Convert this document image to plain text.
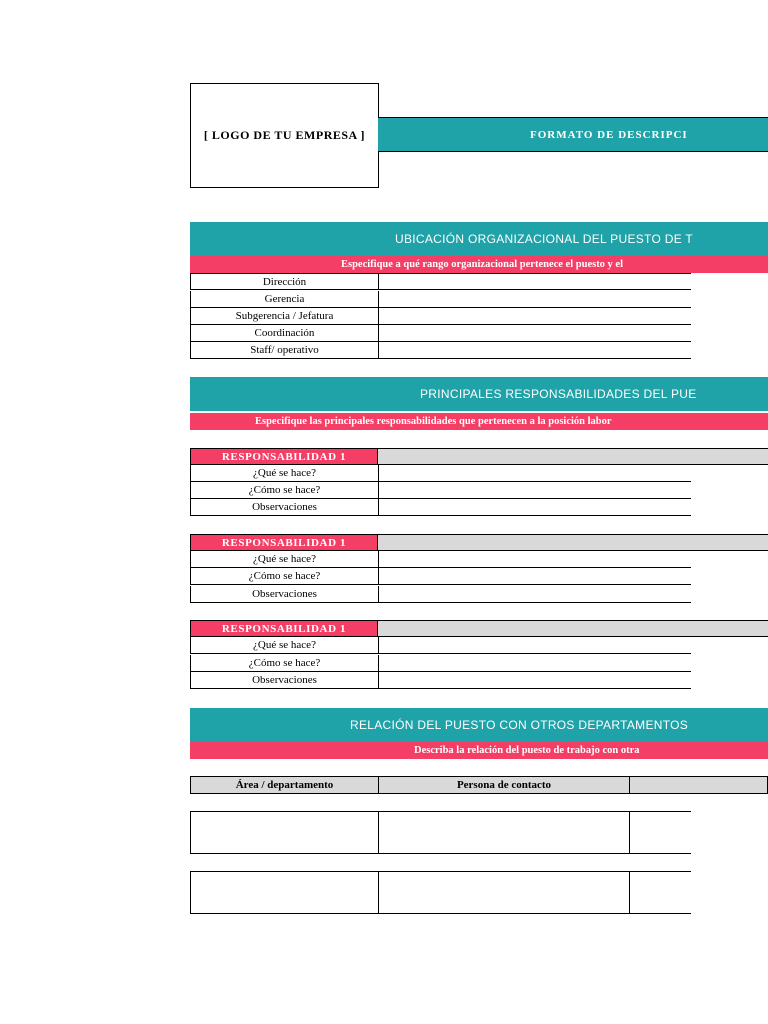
[ LOGO DE TU EMPRESA ]	FORMATO DE DESCRIPCI
UBICACIÓN ORGANIZACIONAL DEL PUESTO DE T
Especifique a qué rango organizacional pertenece el puesto y el
Dirección
Gerencia
Subgerencia / Jefatura
Coordinación
Staff/ operativo
PRINCIPALES RESPONSABILIDADES DEL PUE
Especifique las principales responsabilidades que pertenecen a la posición labor
RESPONSABILIDAD 1
¿Qué se hace?
¿Cómo se hace?
Observaciones
RESPONSABILIDAD 1
¿Qué se hace?
¿Cómo se hace?
Observaciones
RESPONSABILIDAD 1
¿Qué se hace?
¿Cómo se hace?
Observaciones
RELACIÓN DEL PUESTO CON OTROS DEPARTAMENTOS
Describa la relación del puesto de trabajo con otra
Área / departamento	Persona de contacto
